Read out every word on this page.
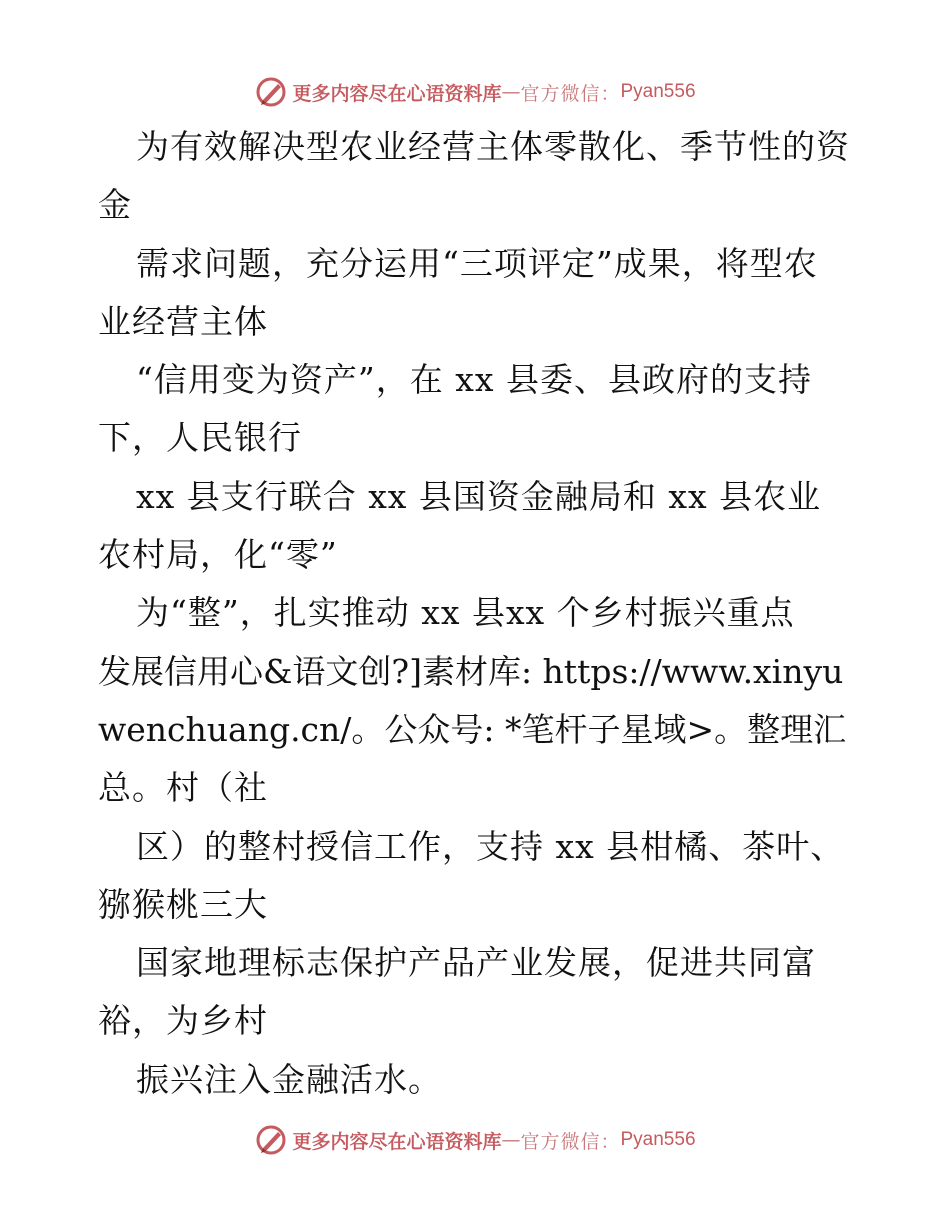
更多内容尽在心语资料库 — 官方微信： Pyan556
为有效解决型农业经营主体零散化、季节性的资
金
需求问题，充分运用“三项评定”成果，将型农
业经营主体
“信用变为资产”，在 xx 县委、县政府的支持
下，人民银行
xx 县支行联合 xx 县国资金融局和 xx 县农业
农村局，化“零”
为“整”，扎实推动 xx 县xx 个乡村振兴重点
发展信用心&语文创?]素材库: https://www.xinyu
wenchuang.cn/。公众号: *笔杆子星域>。整理汇
总。村（社
区）的整村授信工作，支持 xx 县柑橘、茶叶、
猕猴桃三大
国家地理标志保护产品产业发展，促进共同富
裕，为乡村
振兴注入金融活水。
更多内容尽在心语资料库 — 官方微信： Pyan556
